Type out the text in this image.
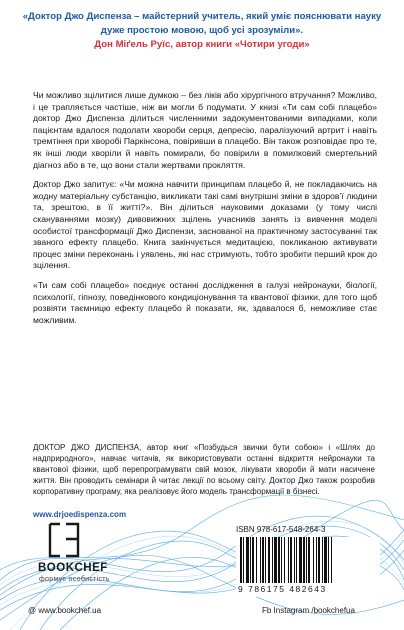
«Доктор Джо Диспенза – майстерний учитель, який уміє пояснювати науку дуже простою мовою, щоб усі зрозуміли».
Дон Міґель Руїс, автор книги «Чотири угоди»

Чи можливо зцілитися лише думкою – без ліків або хірургічного втручання? Можливо, і це трапляється частіше, ніж ви могли б подумати. У книзі «Ти сам собі плацебо» доктор Джо Диспенза ділиться численними задокументованими випадками, коли пацієнтам вдалося подолати хвороби серця, депресію, паралізуючий артрит і навіть тремтіння при хворобі Паркінсона, повіривши в плацебо. Він також розповідає про те, як інші люди хворіли й навіть помирали, бо повірили в помилковий смертельний діагноз або в те, що вони стали жертвами прокляття.

Доктор Джо запитує: «Чи можна навчити принципам плацебо й, не покладаючись на жодну матеріальну субстанцію, викликати такі самі внутрішні зміни в здоров’ї людини та, зрештою, в її житті?». Він ділиться науковими доказами (у тому числі скануваннями мозку) дивовижних зцілень учасників занять із вивчення моделі особистої трансформації Джо Диспензи, заснованої на практичному застосуванні так званого ефекту плацебо. Книга закінчується медитацією, покликаною активувати процес зміни переконань і уявлень, які нас стримують, тобто зробити перший крок до зцілення.

«Ти сам собі плацебо» поєднує останні дослідження в галузі нейронауки, біології, психології, гіпнозу, поведінкового кондиціонування та квантової фізики, для того щоб розвіяти таємницю ефекту плацебо й показати, як, здавалося б, неможливе стає можливим.

ДОКТОР ДЖО ДИСПЕНЗА, автор книг «Позбудься звички бути собою» і «Шлях до надприродного», навчає читачів, як використовувати останні відкриття нейронауки та квантової фізики, щоб перепрограмувати свій мозок, лікувати хвороби й мати насичене життя. Він проводить семінари й читає лекції по всьому світу. Доктор Джо також розробив корпоративну програму, яка реалізовує його модель трансформації в бізнесі.
www.drjoedispenza.com
BOOKCHEF
формує особистість
@ www.bookchef.ua
ISBN 978-617-548-264-3
9 786175 482643
Fb Instagram /bookchefua
